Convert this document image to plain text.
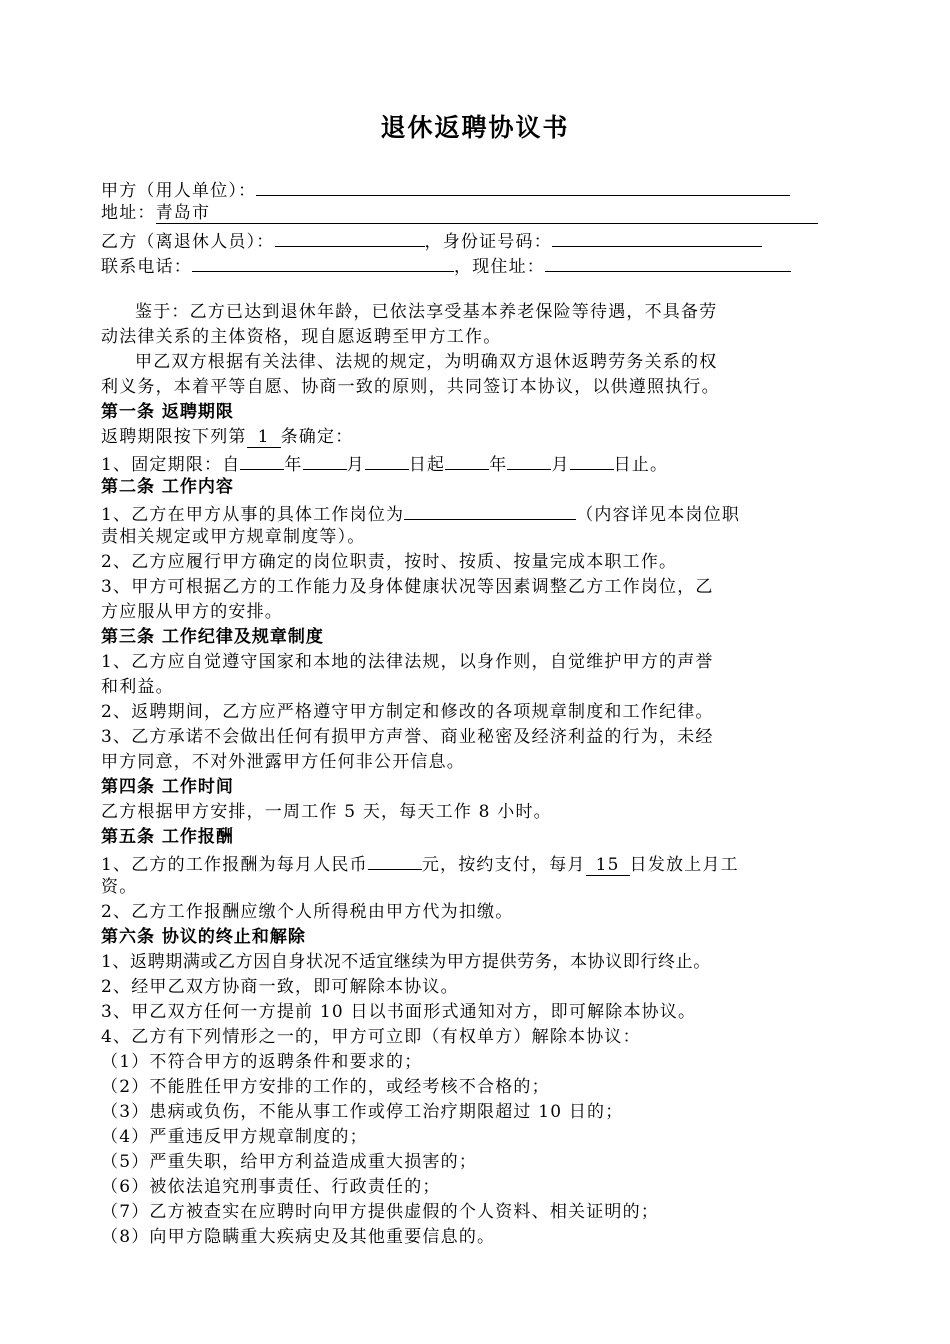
退休返聘协议书
甲方（用人单位）：
地址：青岛市
乙方（离退休人员）：	，身份证号码：
联系电话：	，现住址：
鉴于：乙方已达到退休年龄，已依法享受基本养老保险等待遇，不具备劳
动法律关系的主体资格，现自愿返聘至甲方工作。
甲乙双方根据有关法律、法规的规定，为明确双方退休返聘劳务关系的权
利义务，本着平等自愿、协商一致的原则，共同签订本协议，以供遵照执行。
第一条 返聘期限
返聘期限按下列第 1 条确定：
1、固定期限：自	年	月	日起	年	月	日止。
第二条 工作内容
1、乙方在甲方从事的具体工作岗位为	（内容详见本岗位职
责相关规定或甲方规章制度等）。
2、乙方应履行甲方确定的岗位职责，按时、按质、按量完成本职工作。
3、甲方可根据乙方的工作能力及身体健康状况等因素调整乙方工作岗位，乙
方应服从甲方的安排。
第三条 工作纪律及规章制度
1、乙方应自觉遵守国家和本地的法律法规，以身作则，自觉维护甲方的声誉
和利益。
2、返聘期间，乙方应严格遵守甲方制定和修改的各项规章制度和工作纪律。
3、乙方承诺不会做出任何有损甲方声誉、商业秘密及经济利益的行为，未经
甲方同意，不对外泄露甲方任何非公开信息。
第四条 工作时间
乙方根据甲方安排，一周工作 5 天，每天工作 8 小时。
第五条 工作报酬
1、乙方的工作报酬为每月人民币	元，按约支付，每月 15 日发放上月工
资。
2、乙方工作报酬应缴个人所得税由甲方代为扣缴。
第六条 协议的终止和解除
1、返聘期满或乙方因自身状况不适宜继续为甲方提供劳务，本协议即行终止。
2、经甲乙双方协商一致，即可解除本协议。
3、甲乙双方任何一方提前 10 日以书面形式通知对方，即可解除本协议。
4、乙方有下列情形之一的，甲方可立即（有权单方）解除本协议：
（1）不符合甲方的返聘条件和要求的；
（2）不能胜任甲方安排的工作的，或经考核不合格的；
（3）患病或负伤，不能从事工作或停工治疗期限超过 10 日的；
（4）严重违反甲方规章制度的；
（5）严重失职，给甲方利益造成重大损害的；
（6）被依法追究刑事责任、行政责任的；
（7）乙方被查实在应聘时向甲方提供虚假的个人资料、相关证明的；
（8）向甲方隐瞒重大疾病史及其他重要信息的。
